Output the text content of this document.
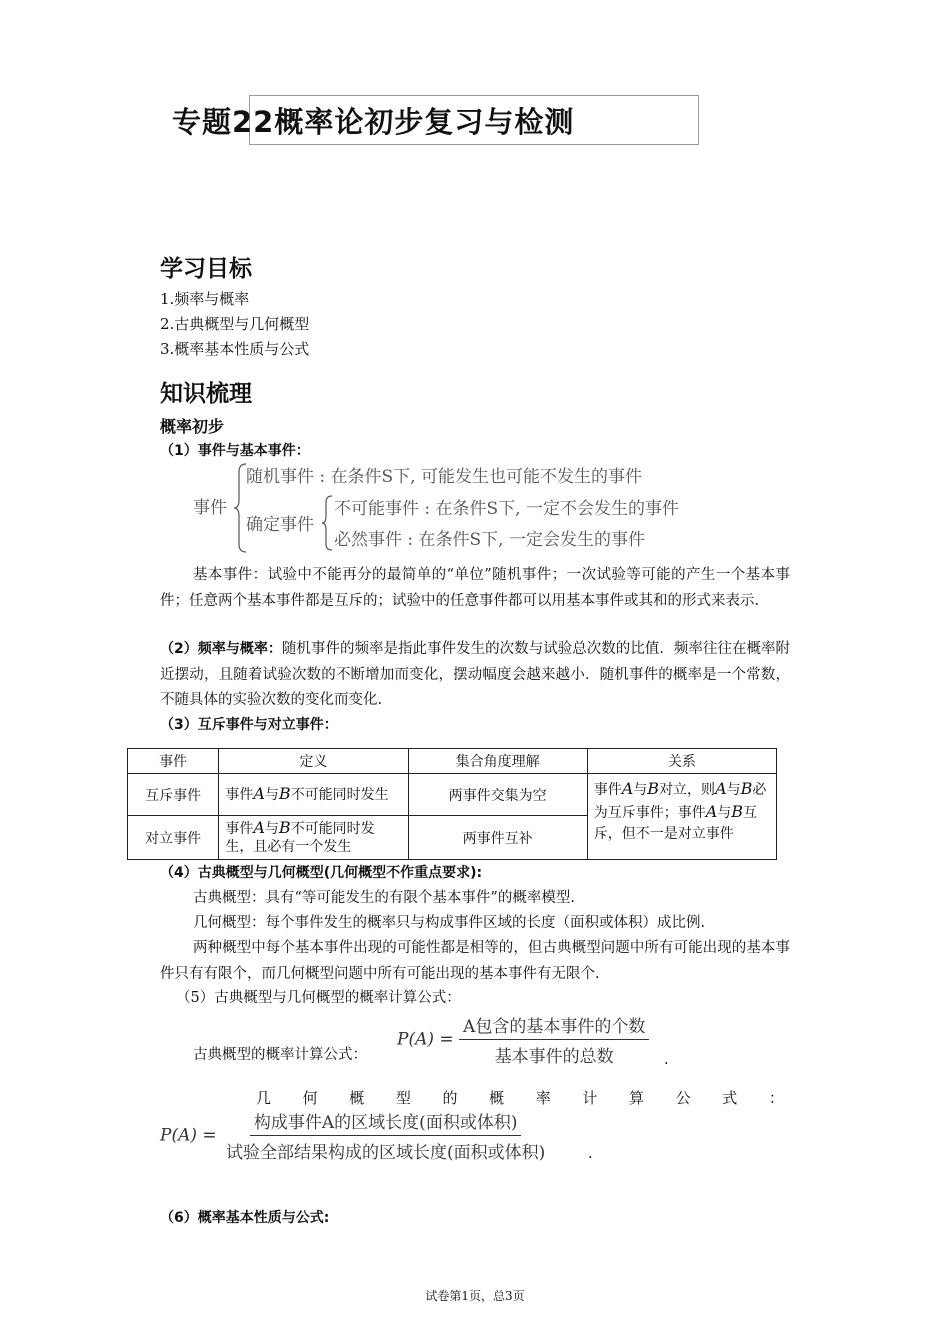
专题22概率论初步复习与检测
学习目标
1.频率与概率
2.古典概型与几何概型
3.概率基本性质与公式
知识梳理
概率初步
（1）事件与基本事件：
事件
随机事件 : 在条件S下, 可能发生也可能不发生的事件
确定事件
不可能事件 : 在条件S下, 一定不会发生的事件
必然事件 : 在条件S下, 一定会发生的事件
基本事件：试验中不能再分的最简单的“单位”随机事件；一次试验等可能的产生一个基本事件；任意两个基本事件都是互斥的；试验中的任意事件都可以用基本事件或其和的形式来表示.
（2）频率与概率：随机事件的频率是指此事件发生的次数与试验总次数的比值．频率往往在概率附近摆动，且随着试验次数的不断增加而变化，摆动幅度会越来越小．随机事件的概率是一个常数，不随具体的实验次数的变化而变化.
（3）互斥事件与对立事件：
事件	定义	集合角度理解	关系
互斥事件	事件A与B不可能同时发生	两事件交集为空	事件A与B对立，则A与B必为互斥事件；事件A与B互斥，但不一是对立事件
对立事件	事件A与B不可能同时发生，且必有一个发生	两事件互补	
（4）古典概型与几何概型(几何概型不作重点要求):
古典概型：具有“等可能发生的有限个基本事件”的概率模型.
几何概型：每个事件发生的概率只与构成事件区域的长度（面积或体积）成比例.
两种概型中每个基本事件出现的可能性都是相等的，但古典概型问题中所有可能出现的基本事件只有有限个，而几何概型问题中所有可能出现的基本事件有无限个.
（5）古典概型与几何概型的概率计算公式：
$P(A) = \frac{\text{A包含的基本事件的个数}}{\text{基本事件的总数}}$
古典概型的概率计算公式：	.
几 何 概 型 的 概 率 计 算 公 式 ：
$P(A) = \frac{\text{构成事件A的区域长度(面积或体积)}}{\text{试验全部结果构成的区域长度(面积或体积)}}$	.
（6）概率基本性质与公式:
试卷第1页，总3页
